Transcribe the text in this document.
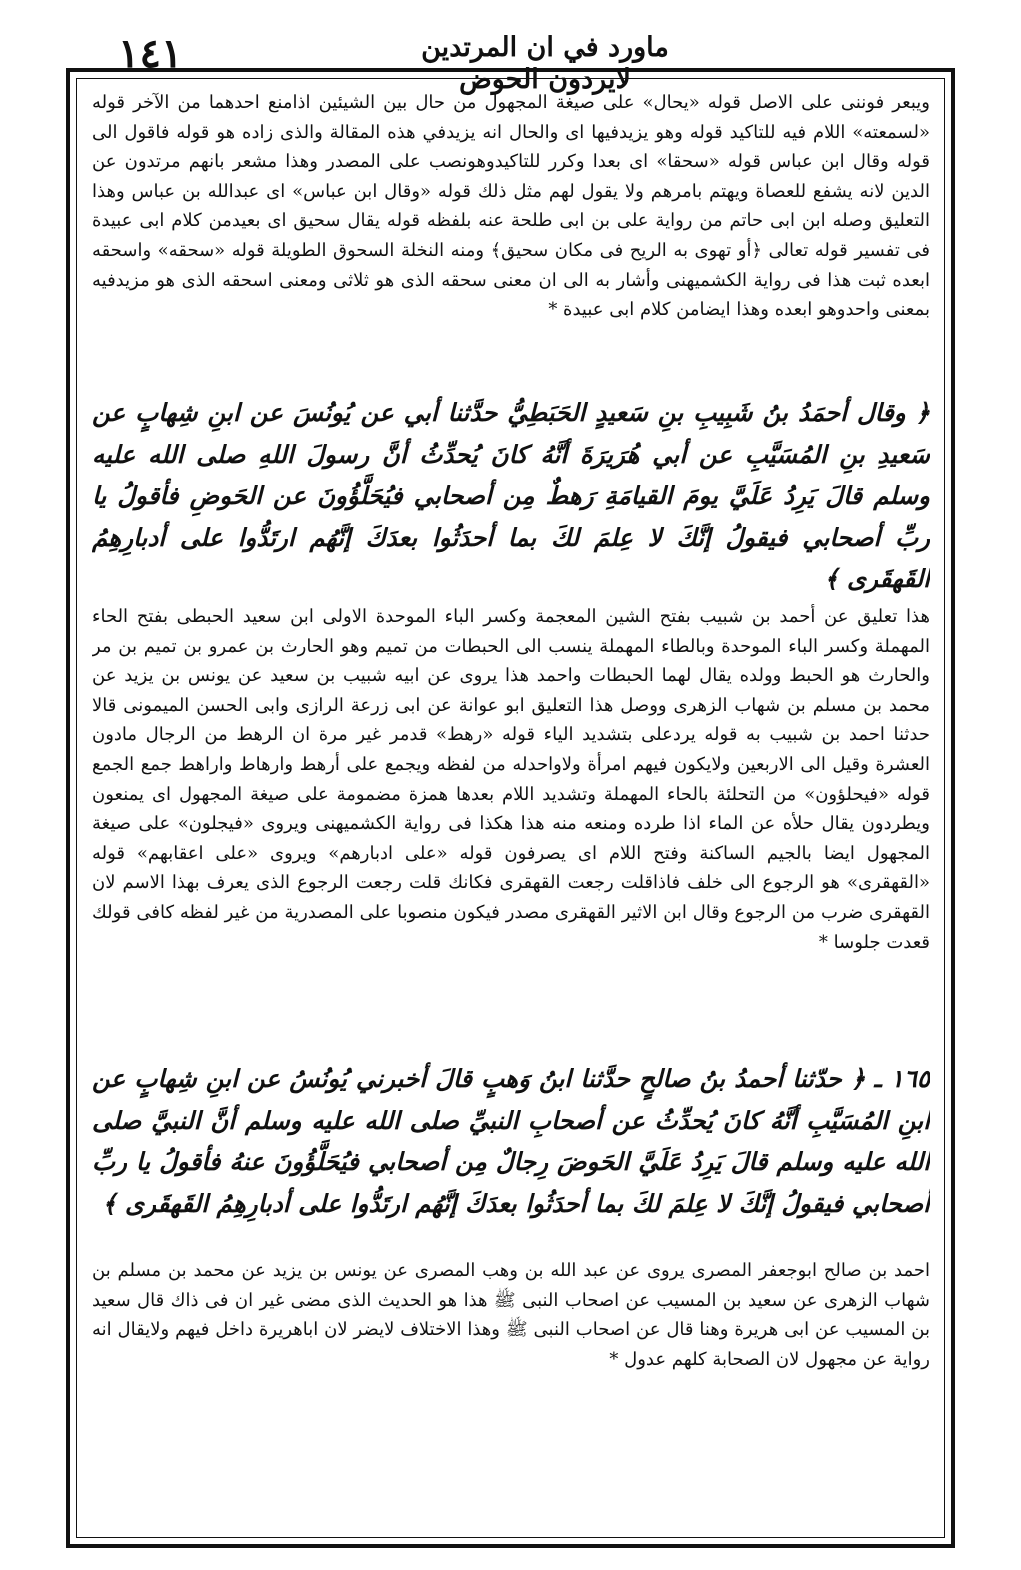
١٤١	ماورد في ان المرتدين لايردون الحوض

ويبعر فوننى على الاصل قوله «يحال» على صيغة المجهول من حال بين الشيئين اذامنع احدهما من الآخر قوله «لسمعته» اللام فيه للتاكيد قوله وهو يزيدفيها اى والحال انه يزيدفي هذه المقالة والذى زاده هو قوله فاقول الى قوله وقال ابن عباس قوله «سحقا» اى بعدا وكرر للتاكيدوهونصب على المصدر وهذا مشعر بانهم مرتدون عن الدين لانه يشفع للعصاة ويهتم بامرهم ولا يقول لهم مثل ذلك قوله «وقال ابن عباس» اى عبدالله بن عباس وهذا التعليق وصله ابن ابى حاتم من رواية على بن ابى طلحة عنه بلفظه قوله يقال سحيق اى بعيدمن كلام ابى عبيدة فى تفسير قوله تعالى ﴿أو تهوى به الريح فى مكان سحيق﴾ ومنه النخلة السحوق الطويلة قوله «سحقه» واسحقه ابعده ثبت هذا فى رواية الكشميهنى وأشار به الى ان معنى سحقه الذى هو ثلاثى ومعنى اسحقه الذى هو مزيدفيه بمعنى واحدوهو ابعده وهذا ايضامن كلام ابى عبيدة *

﴿ وقال أحمَدُ بنُ شَبِيبِ بنِ سَعيدٍ الحَبَطِيُّ حدَّثنا أبي عن يُونُسَ عن ابنِ شِهابٍ عن سَعيدِ بنِ المُسَيَّبِ عن أبي هُرَيرَةَ أنَّهُ كانَ يُحدِّثُ أنَّ رسولَ اللهِ صلى الله عليه وسلم قالَ يَرِدُ عَلَيَّ يومَ القيامَةِ رَهطٌ مِن أصحابي فيُحَلَّؤُونَ عن الحَوضِ فأقولُ يا ربِّ أصحابي فيقولُ إنَّكَ لا عِلمَ لكَ بما أحدَثُوا بعدَكَ إنَّهُم ارتَدُّوا على أدبارِهِمُ القَهقَرى ﴾

هذا تعليق عن أحمد بن شبيب بفتح الشين المعجمة وكسر الباء الموحدة الاولى ابن سعيد الحبطى بفتح الحاء المهملة وكسر الباء الموحدة وبالطاء المهملة ينسب الى الحبطات من تميم وهو الحارث بن عمرو بن تميم بن مر والحارث هو الحبط وولده يقال لهما الحبطات واحمد هذا يروى عن ابيه شبيب بن سعيد عن يونس بن يزيد عن محمد بن مسلم بن شهاب الزهرى ووصل هذا التعليق ابو عوانة عن ابى زرعة الرازى وابى الحسن الميمونى قالا حدثنا احمد بن شبيب به قوله يردعلى بتشديد الياء قوله «رهط» قدمر غير مرة ان الرهط من الرجال مادون العشرة وقيل الى الاربعين ولايكون فيهم امرأة ولاواحدله من لفظه ويجمع على أرهط وارهاط واراهط جمع الجمع قوله «فيحلؤون» من التحلئة بالحاء المهملة وتشديد اللام بعدها همزة مضمومة على صيغة المجهول اى يمنعون ويطردون يقال حلأه عن الماء اذا طرده ومنعه منه هذا هكذا فى رواية الكشميهنى ويروى «فيجلون» على صيغة المجهول ايضا بالجيم الساكنة وفتح اللام اى يصرفون قوله «على ادبارهم» ويروى «على اعقابهم» قوله «القهقرى» هو الرجوع الى خلف فاذاقلت رجعت القهقرى فكانك قلت رجعت الرجوع الذى يعرف بهذا الاسم لان القهقرى ضرب من الرجوع وقال ابن الاثير القهقرى مصدر فيكون منصوبا على المصدرية من غير لفظه كافى قولك قعدت جلوسا *

١٦٥ ـ ﴿ حدّثنا أحمدُ بنُ صالحٍ حدَّثنا ابنُ وَهبٍ قالَ أخبرني يُونُسُ عن ابنِ شِهابٍ عن ابنِ المُسَيَّبِ أنَّهُ كانَ يُحدِّثُ عن أصحابِ النبيِّ صلى الله عليه وسلم أنَّ النبيَّ صلى الله عليه وسلم قالَ يَرِدُ عَلَيَّ الحَوضَ رِجالٌ مِن أصحابي فيُحَلَّؤُونَ عنهُ فأقولُ يا ربِّ أصحابي فيقولُ إنَّكَ لا عِلمَ لكَ بما أحدَثُوا بعدَكَ إنَّهُم ارتَدُّوا على أدبارِهِمُ القَهقَرى ﴾

احمد بن صالح ابوجعفر المصرى يروى عن عبد الله بن وهب المصرى عن يونس بن يزيد عن محمد بن مسلم بن شهاب الزهرى عن سعيد بن المسيب عن اصحاب النبى ﷺ هذا هو الحديث الذى مضى غير ان فى ذاك قال سعيد بن المسيب عن ابى هريرة وهنا قال عن اصحاب النبى ﷺ وهذا الاختلاف لايضر لان اباهريرة داخل فيهم ولايقال انه رواية عن مجهول لان الصحابة كلهم عدول *
